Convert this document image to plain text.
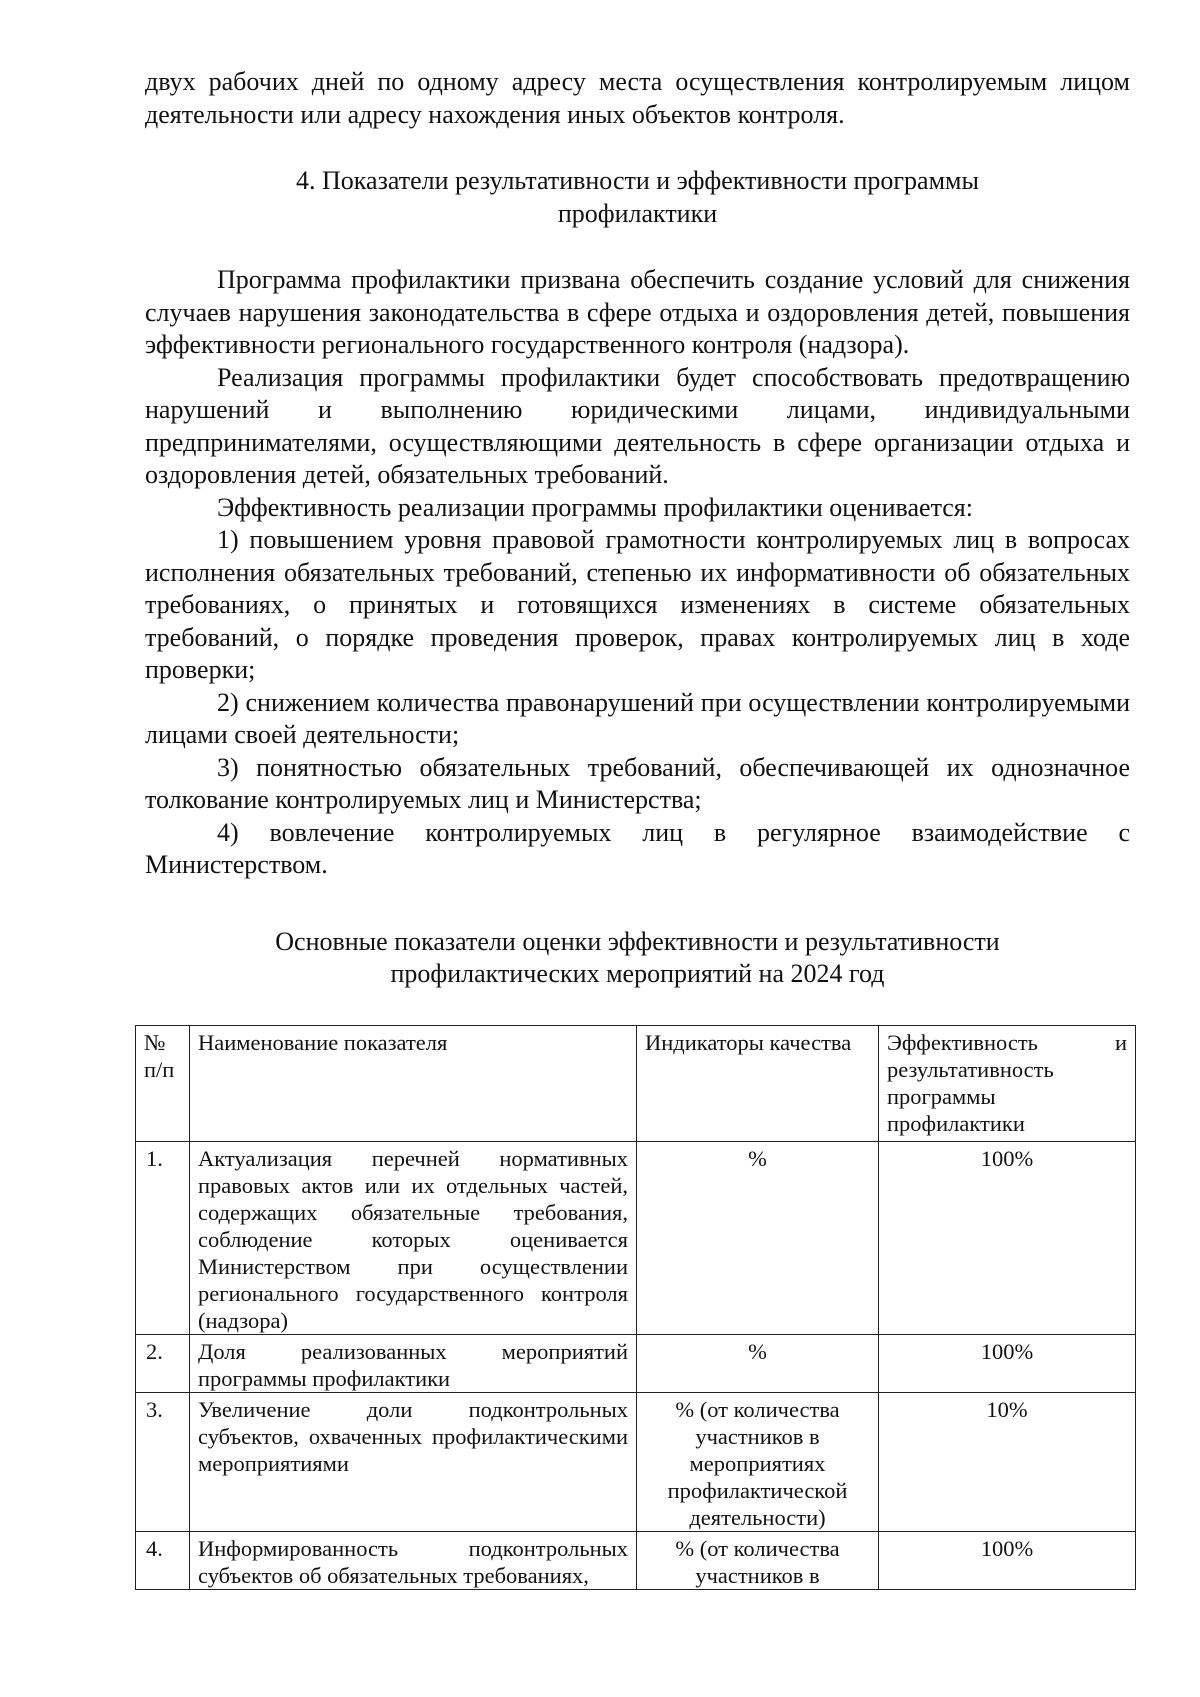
двух рабочих дней по одному адресу места осуществления контролируемым лицом деятельности или адресу нахождения иных объектов контроля.

4. Показатели результативности и эффективности программы
профилактики

Программа профилактики призвана обеспечить создание условий для снижения случаев нарушения законодательства в сфере отдыха и оздоровления детей, повышения эффективности регионального государственного контроля (надзора).

Реализация программы профилактики будет способствовать предотвращению нарушений и выполнению юридическими лицами, индивидуальными предпринимателями, осуществляющими деятельность в сфере организации отдыха и оздоровления детей, обязательных требований.

Эффективность реализации программы профилактики оценивается:

1) повышением уровня правовой грамотности контролируемых лиц в вопросах исполнения обязательных требований, степенью их информативности об обязательных требованиях, о принятых и готовящихся изменениях в системе обязательных требований, о порядке проведения проверок, правах контролируемых лиц в ходе проверки;

2) снижением количества правонарушений при осуществлении контролируемыми лицами своей деятельности;

3) понятностью обязательных требований, обеспечивающей их однозначное толкование контролируемых лиц и Министерства;

4) вовлечение контролируемых лиц в регулярное взаимодействие с Министерством.

Основные показатели оценки эффективности и результативности
профилактических мероприятий на 2024 год
№ п/п	Наименование показателя	Индикаторы качества	Эффективность и
результативность программы профилактики

1.	Актуализация перечней нормативных правовых актов или их отдельных частей, содержащих обязательные требования, соблюдение которых оценивается Министерством при осуществлении регионального государственного контроля (надзора)	%	100%
2.	Доля реализованных мероприятий программы профилактики	%	100%
3.	Увеличение доли подконтрольных субъектов, охваченных профилактическими мероприятиями	% (от количества участников в мероприятиях профилактической деятельности)	10%
4.	Информированность подконтрольных субъектов об обязательных требованиях,	% (от количества участников в	100%
